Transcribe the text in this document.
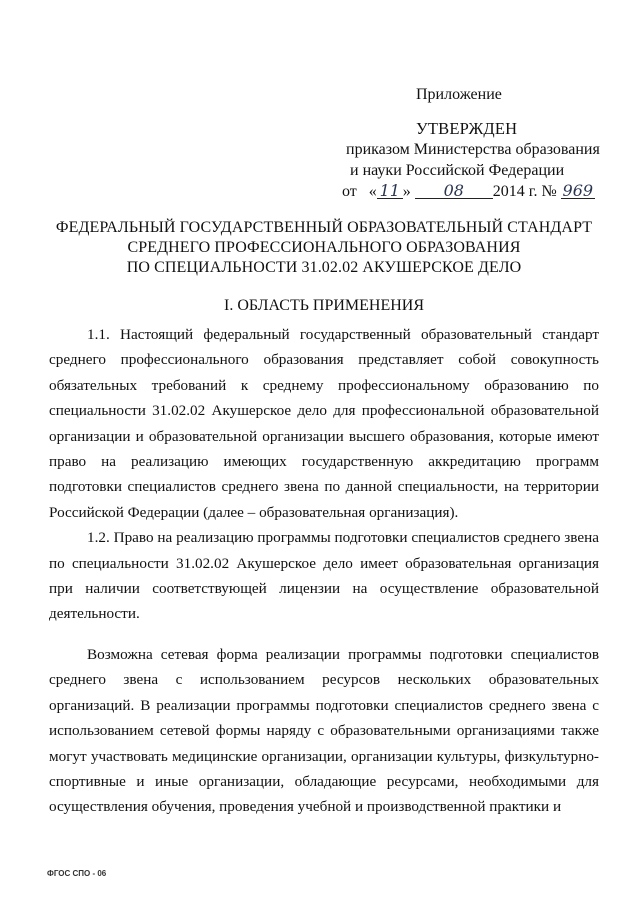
Приложение
УТВЕРЖДЕН
приказом Министерства образования
и науки Российской Федерации
от « 11 » 08 2014 г. № 969
ФЕДЕРАЛЬНЫЙ ГОСУДАРСТВЕННЫЙ ОБРАЗОВАТЕЛЬНЫЙ СТАНДАРТ
СРЕДНЕГО ПРОФЕССИОНАЛЬНОГО ОБРАЗОВАНИЯ
ПО СПЕЦИАЛЬНОСТИ 31.02.02 АКУШЕРСКОЕ ДЕЛО
I. ОБЛАСТЬ ПРИМЕНЕНИЯ

1.1. Настоящий федеральный государственный образовательный стандарт среднего профессионального образования представляет собой совокупность обязательных требований к среднему профессиональному образованию по специальности 31.02.02 Акушерское дело для профессиональной образовательной организации и образовательной организации высшего образования, которые имеют право на реализацию имеющих государственную аккредитацию программ подготовки специалистов среднего звена по данной специальности, на территории Российской Федерации (далее – образовательная организация).

1.2. Право на реализацию программы подготовки специалистов среднего звена по специальности 31.02.02 Акушерское дело имеет образовательная организация при наличии соответствующей лицензии на осуществление образовательной деятельности.

Возможна сетевая форма реализации программы подготовки специалистов среднего звена с использованием ресурсов нескольких образовательных организаций. В реализации программы подготовки специалистов среднего звена с использованием сетевой формы наряду с образовательными организациями также могут участвовать медицинские организации, организации культуры, физкультурно-спортивные и иные организации, обладающие ресурсами, необходимыми для осуществления обучения, проведения учебной и производственной практики и

ФГОС СПО - 06
